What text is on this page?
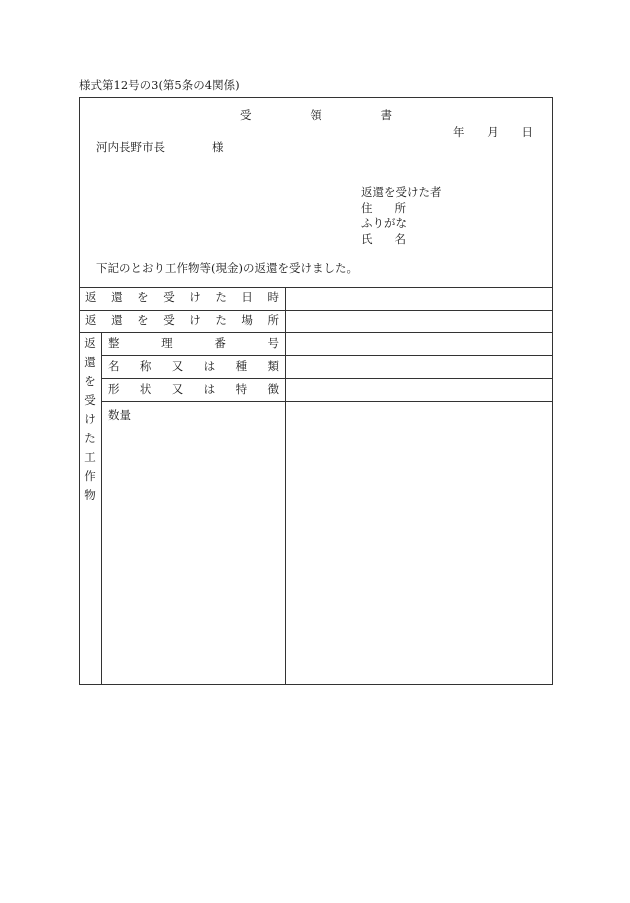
様式第12号の3(第5条の4関係)
受	領	書
年 月 日
河内長野市長	様
返還を受けた者
住 所
ふりがな
氏 名
下記のとおり工作物等(現金)の返還を受けました。
返 還 を 受 け た 日 時
返 還 を 受 け た 場 所
返
還
を
受
け
た
工
作
物
整	理	番	号
名 称 又 は 種 類
形 状 又 は 特 徴
数量
